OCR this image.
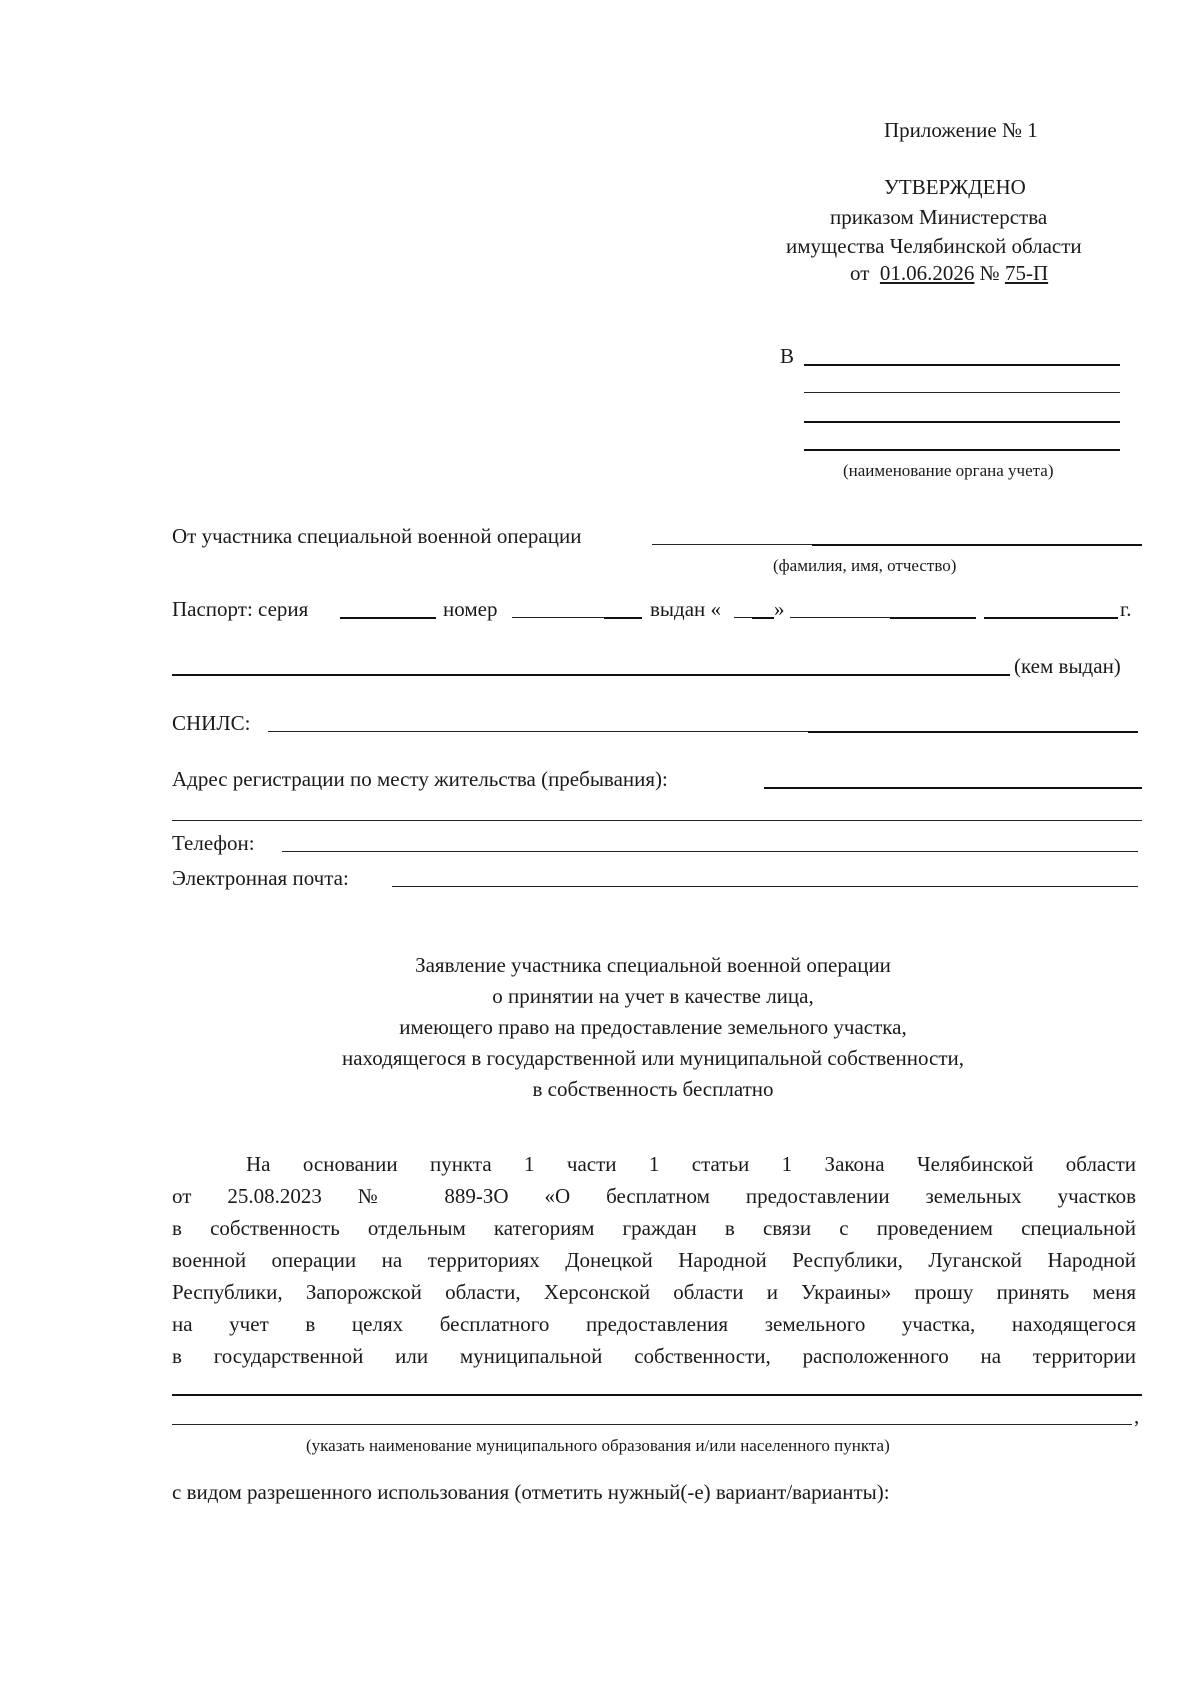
Приложение № 1
УТВЕРЖДЕНО
приказом Министерства
имущества Челябинской области
от 01.06.2026 № 75-П
В
(наименование органа учета)
От участника специальной военной операции
(фамилия, имя, отчество)
Паспорт: серия	номер	выдан «	»	г.
(кем выдан)
СНИЛС:
Адрес регистрации по месту жительства (пребывания):
Телефон:
Электронная почта:
Заявление участника специальной военной операции
о принятии на учет в качестве лица,
имеющего право на предоставление земельного участка,
находящегося в государственной или муниципальной собственности,
в собственность бесплатно
На основании пункта 1 части 1 статьи 1 Закона Челябинской области
от 25.08.2023 № 889-ЗО «О бесплатном предоставлении земельных участков
в собственность отдельным категориям граждан в связи с проведением специальной
военной операции на территориях Донецкой Народной Республики, Луганской Народной
Республики, Запорожской области, Херсонской области и Украины» прошу принять меня
на учет в целях бесплатного предоставления земельного участка, находящегося
в государственной или муниципальной собственности, расположенного на территории
,
(указать наименование муниципального образования и/или населенного пункта)
с видом разрешенного использования (отметить нужный(-е) вариант/варианты):
